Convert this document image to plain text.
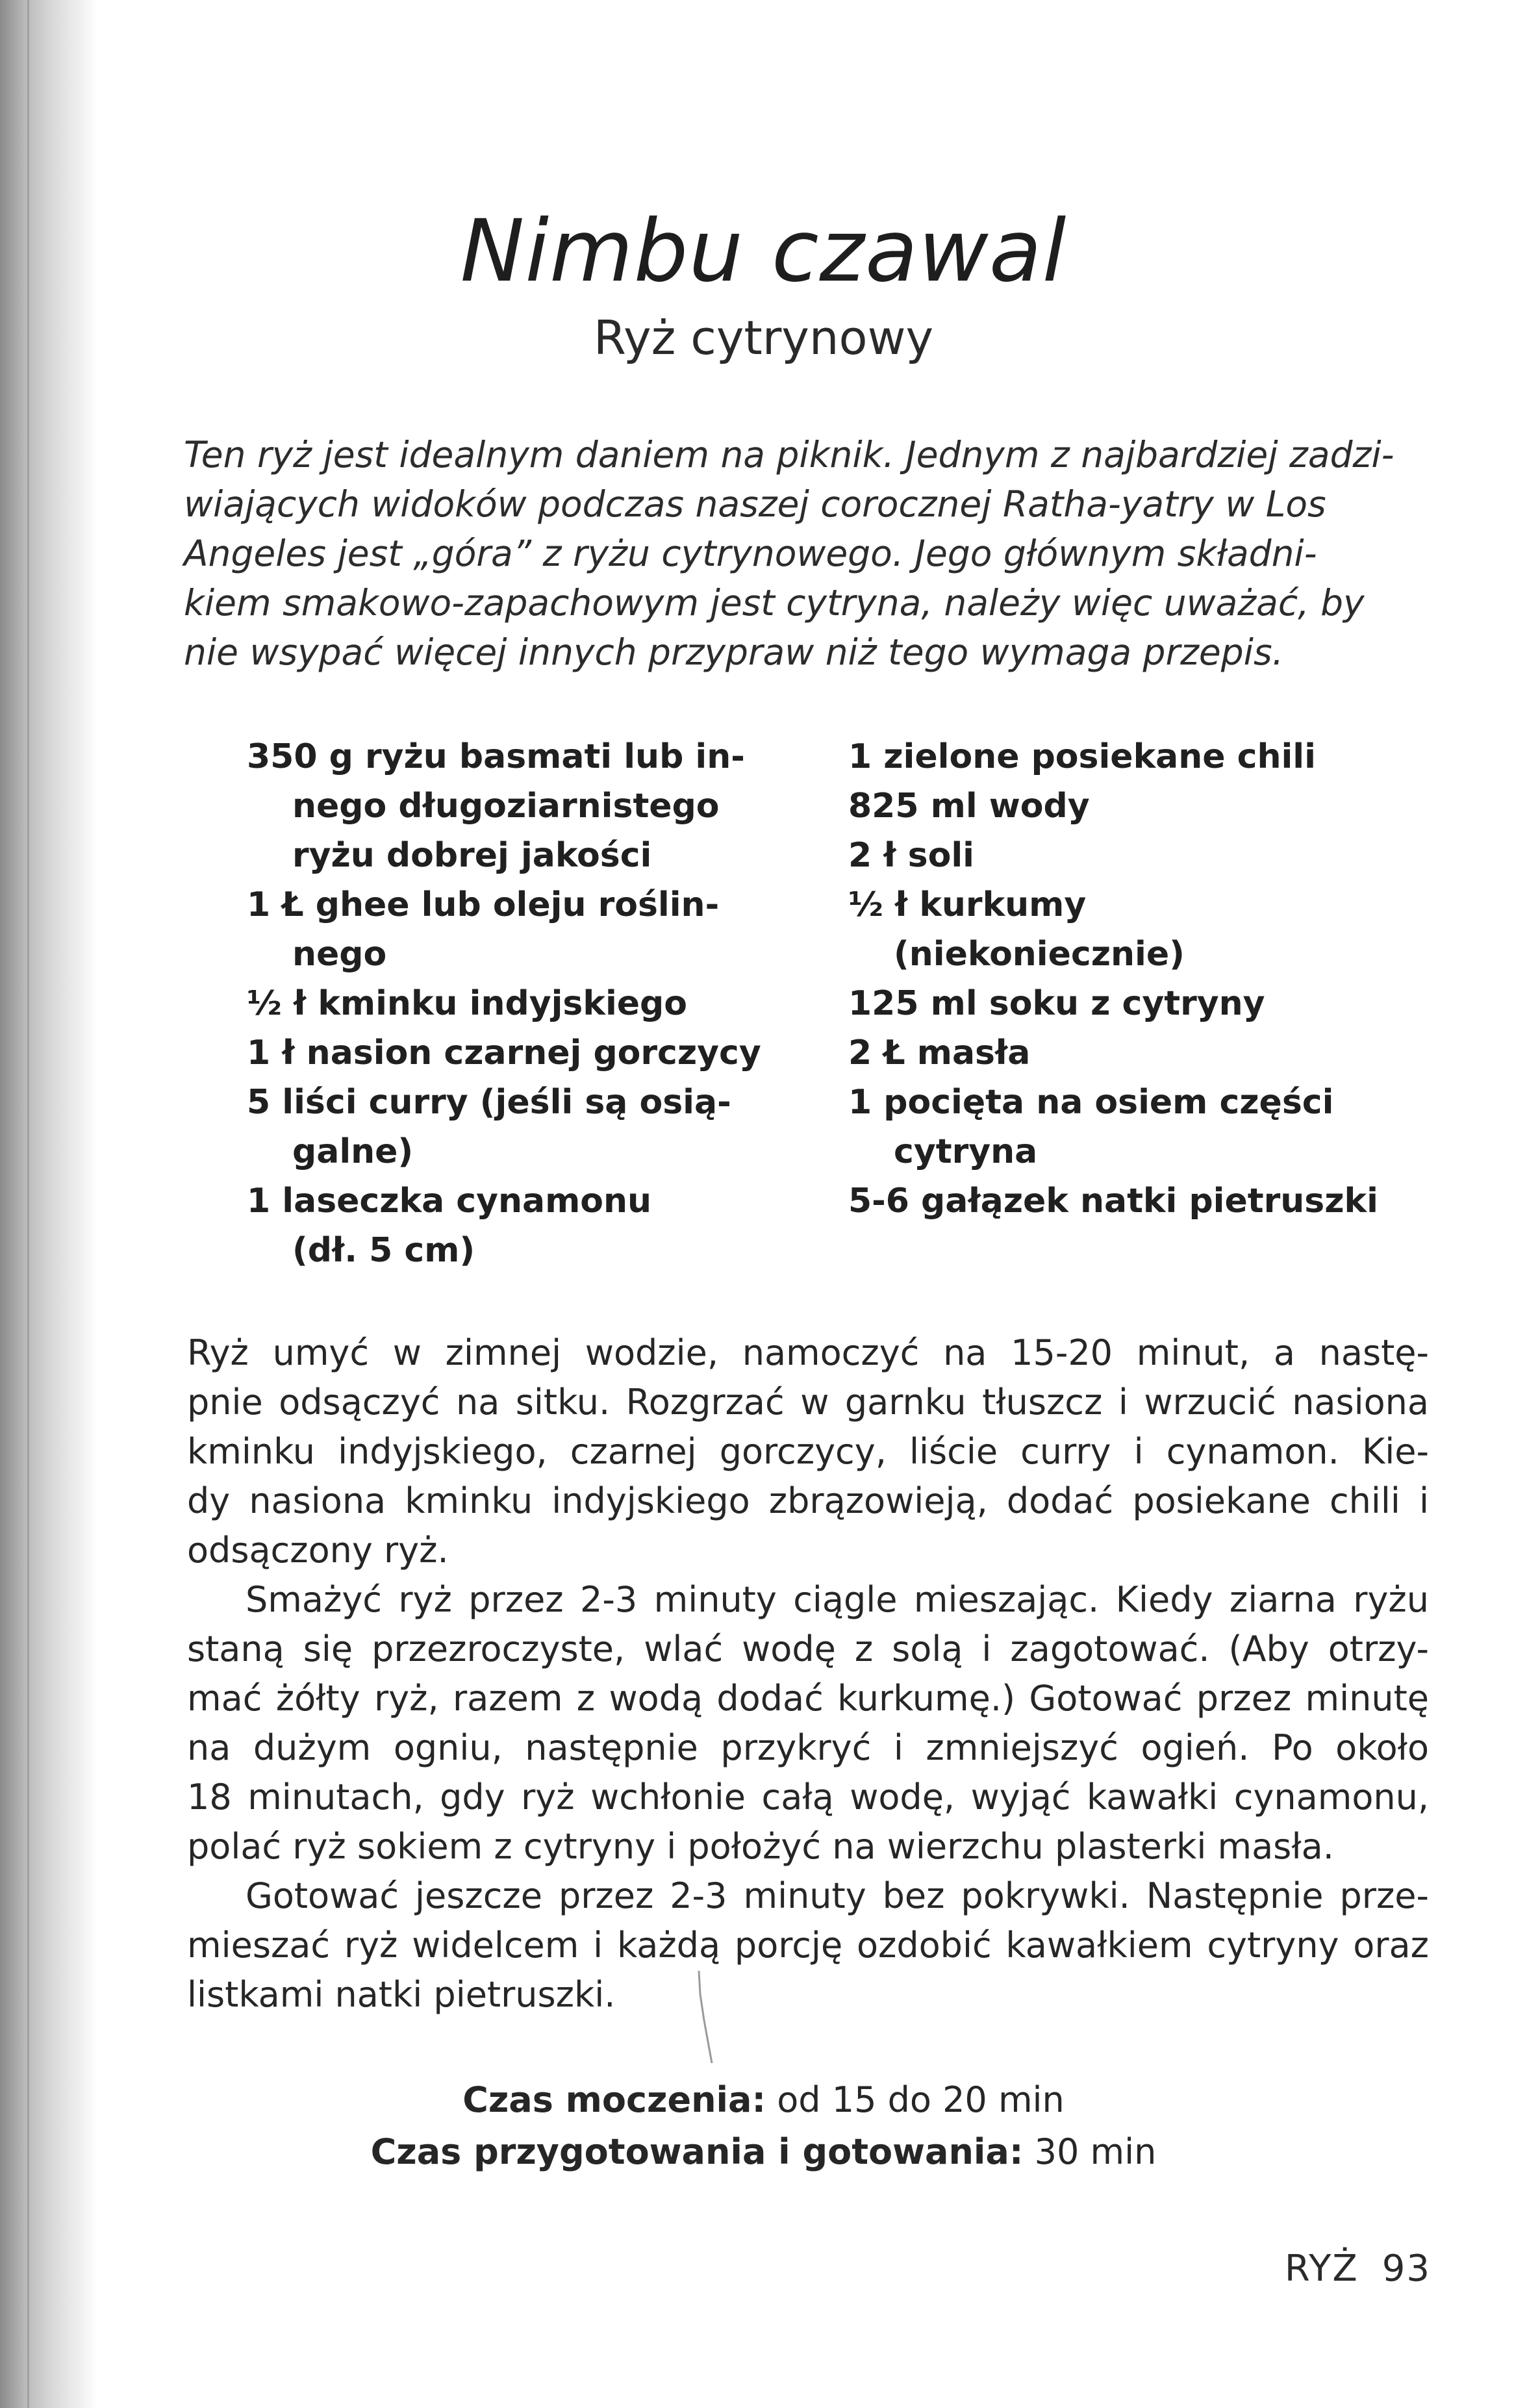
Nimbu czawal
Ryż cytrynowy
Ten ryż jest idealnym daniem na piknik. Jednym z najbardziej zadzi-
wiających widoków podczas naszej corocznej Ratha-yatry w Los
Angeles jest „góra” z ryżu cytrynowego. Jego głównym składni-
kiem smakowo-zapachowym jest cytryna, należy więc uważać, by
nie wsypać więcej innych przypraw niż tego wymaga przepis.
350 g ryżu basmati lub in-
nego długoziarnistego
ryżu dobrej jakości
1 Ł ghee lub oleju roślin-
nego
½ ł kminku indyjskiego
1 ł nasion czarnej gorczycy
5 liści curry (jeśli są osią-
galne)
1 laseczka cynamonu
(dł. 5 cm)
1 zielone posiekane chili
825 ml wody
2 ł soli
½ ł kurkumy
(niekoniecznie)
125 ml soku z cytryny
2 Ł masła
1 pocięta na osiem części
cytryna
5-6 gałązek natki pietruszki
Ryż umyć w zimnej wodzie, namoczyć na 15-20 minut, a nastę-
pnie odsączyć na sitku. Rozgrzać w garnku tłuszcz i wrzucić nasiona
kminku indyjskiego, czarnej gorczycy, liście curry i cynamon. Kie-
dy nasiona kminku indyjskiego zbrązowieją, dodać posiekane chili i
odsączony ryż.
Smażyć ryż przez 2-3 minuty ciągle mieszając. Kiedy ziarna ryżu
staną się przezroczyste, wlać wodę z solą i zagotować. (Aby otrzy-
mać żółty ryż, razem z wodą dodać kurkumę.) Gotować przez minutę
na dużym ogniu, następnie przykryć i zmniejszyć ogień. Po około
18 minutach, gdy ryż wchłonie całą wodę, wyjąć kawałki cynamonu,
polać ryż sokiem z cytryny i położyć na wierzchu plasterki masła.
Gotować jeszcze przez 2-3 minuty bez pokrywki. Następnie prze-
mieszać ryż widelcem i każdą porcję ozdobić kawałkiem cytryny oraz
listkami natki pietruszki.
Czas moczenia: od 15 do 20 min
Czas przygotowania i gotowania: 30 min
RYŻ 93
